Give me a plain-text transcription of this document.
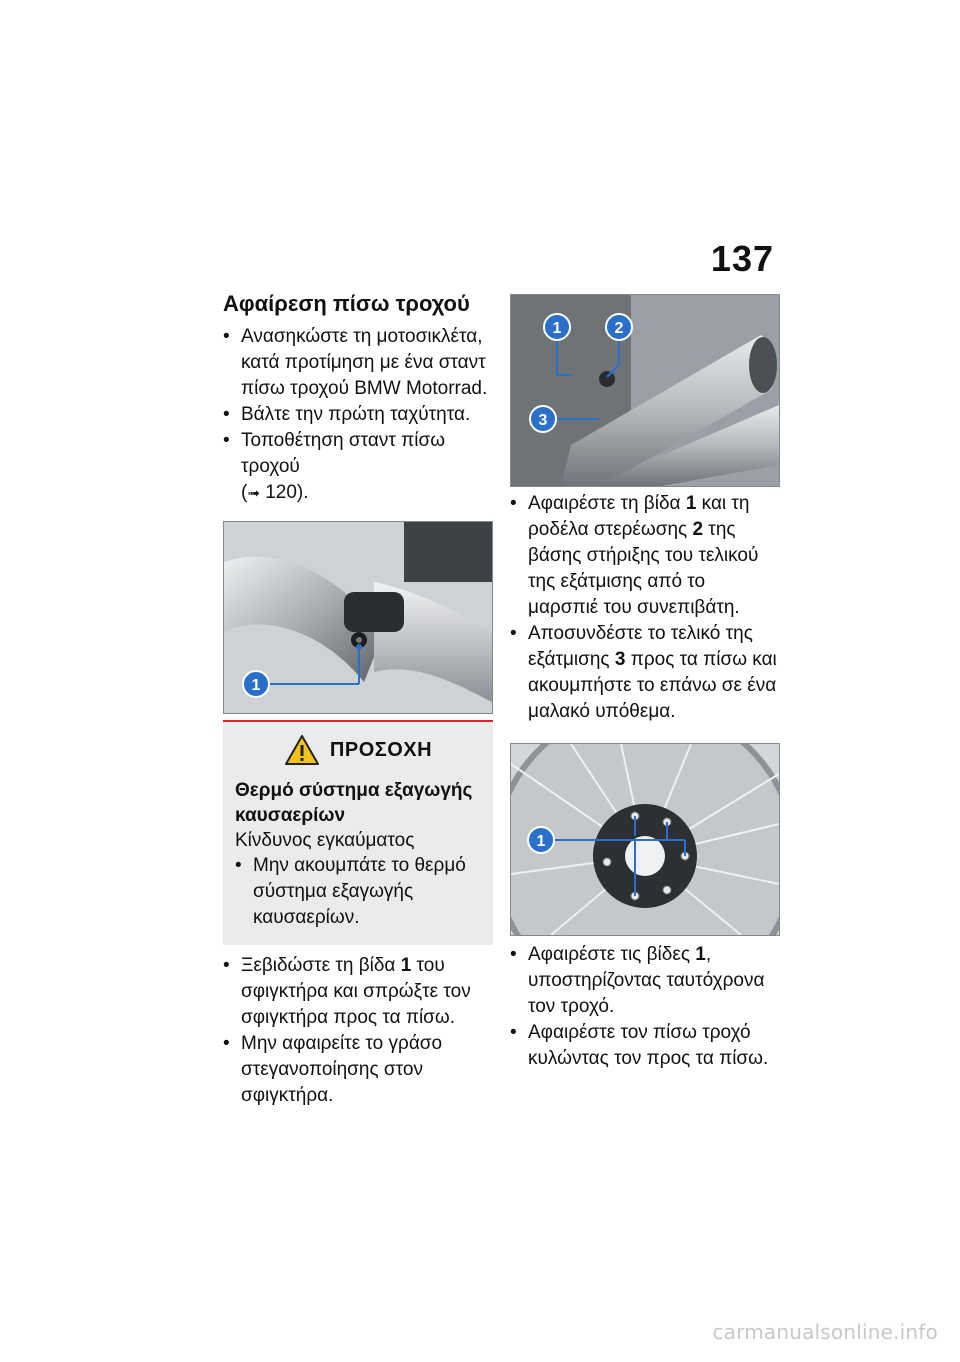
137
Αφαίρεση πίσω τροχού
• Ανασηκώστε τη μοτοσικλέτα, κατά προτίμηση με ένα σταντ πίσω τροχού BMW Motorrad.
• Βάλτε την πρώτη ταχύτητα.
• Τοποθέτηση σταντ πίσω τροχού
(➟ 120).
1
ΠΡΟΣΟΧΗ

Θερμό σύστημα εξαγωγής καυσαερίων

Κίνδυνος εγκαύματος

• Μην ακουμπάτε το θερμό σύστημα εξαγωγής καυσαερίων.
• Ξεβιδώστε τη βίδα 1 του σφιγκτήρα και σπρώξτε τον σφιγκτήρα προς τα πίσω.
• Μην αφαιρείτε το γράσο στεγανοποίησης στον σφιγκτήρα.
1	2
3
• Αφαιρέστε τη βίδα 1 και τη ροδέλα στερέωσης 2 της βάσης στήριξης του τελικού της εξάτμισης από το μαρσπιέ του συνεπιβάτη.
• Αποσυνδέστε το τελικό της εξάτμισης 3 προς τα πίσω και ακουμπήστε το επάνω σε ένα μαλακό υπόθεμα.
1
• Αφαιρέστε τις βίδες 1, υποστηρίζοντας ταυτόχρονα τον τροχό.
• Αφαιρέστε τον πίσω τροχό κυλώντας τον προς τα πίσω.
carmanualsonline.info
